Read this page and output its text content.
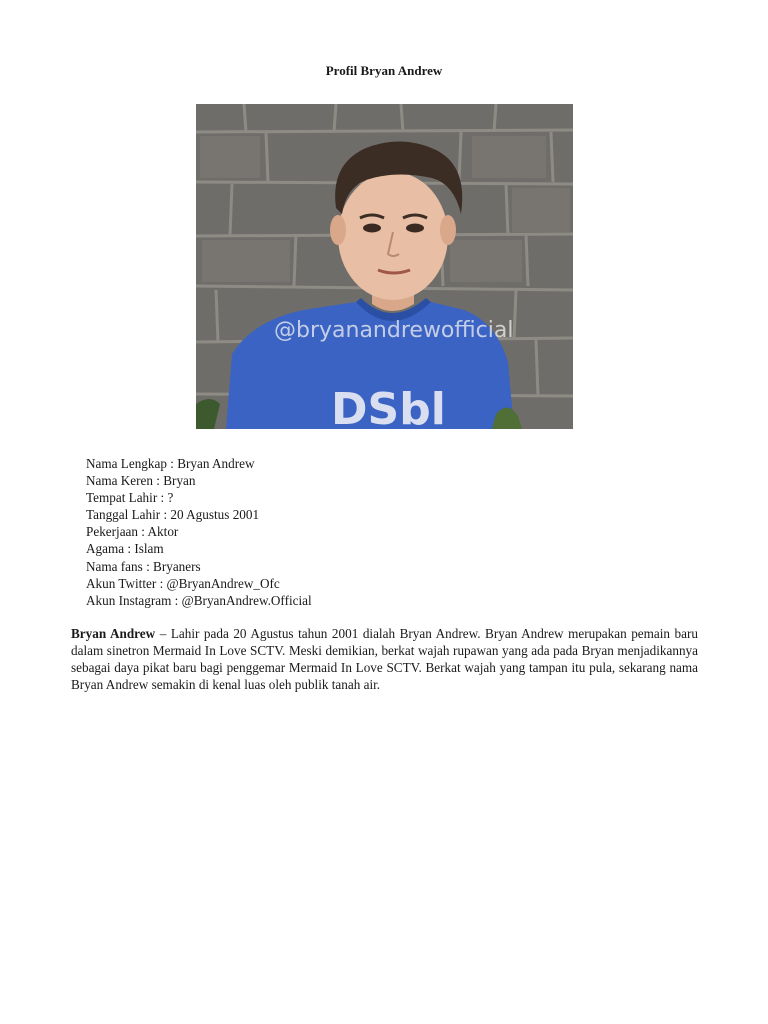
Profil Bryan Andrew
DSbl
@bryanandrewofficial
Nama Lengkap : Bryan Andrew
Nama Keren : Bryan
Tempat Lahir : ?
Tanggal Lahir : 20 Agustus 2001
Pekerjaan : Aktor
Agama : Islam
Nama fans : Bryaners
Akun Twitter : @BryanAndrew_Ofc
Akun Instagram : @BryanAndrew.Official
Bryan Andrew – Lahir pada 20 Agustus tahun 2001 dialah Bryan Andrew. Bryan Andrew merupakan pemain baru dalam sinetron Mermaid In Love SCTV. Meski demikian, berkat wajah rupawan yang ada pada Bryan menjadikannya sebagai daya pikat baru bagi penggemar Mermaid In Love SCTV. Berkat wajah yang tampan itu pula, sekarang nama Bryan Andrew semakin di kenal luas oleh publik tanah air.
